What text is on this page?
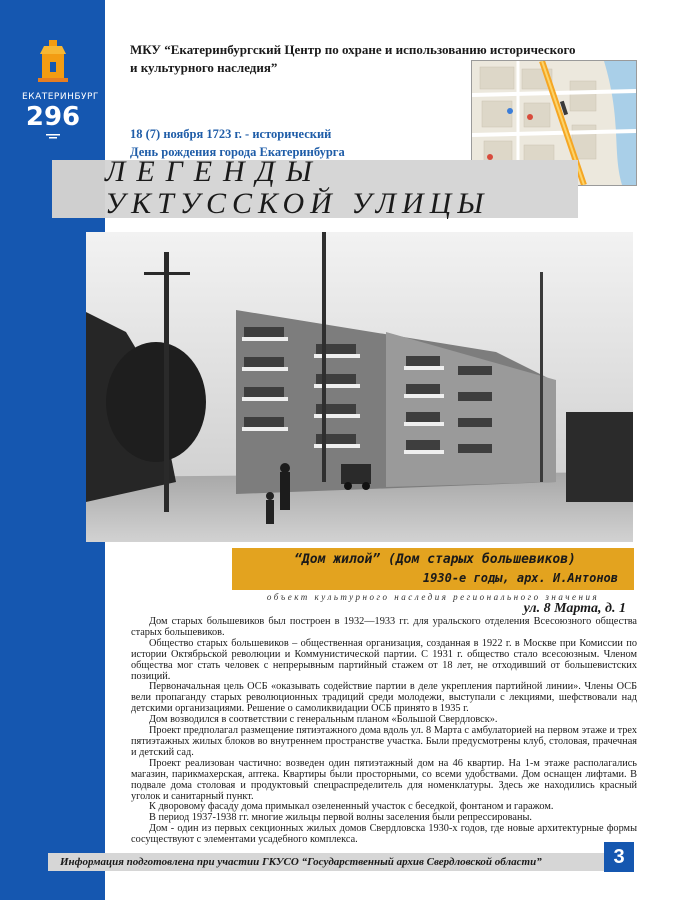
ЕКАТЕРИНБУРГ
296
МКУ “Екатеринбургский Центр по охране и использованию исторического
и культурного наследия”
18 (7) ноября 1723 г. - исторический
День рождения города Екатеринбурга
ЛЕГЕНДЫ
УКТУССКОЙ УЛИЦЫ
“Дом жилой” (Дом старых большевиков)
1930-е годы, арх. И.Антонов
объект культурного наследия регионального значения
ул. 8 Марта, д. 1

Дом старых большевиков был построен в 1932—1933 гг. для уральского отделения Всесоюзного общества старых большевиков.

Общество старых большевиков – общественная организация, созданная в 1922 г. в Москве при Комиссии по истории Октябрьской революции и Коммунистической партии. С 1931 г. общество стало всесоюзным. Членом общества мог стать человек с непрерывным партийный стажем от 18 лет, не отходивший от большевистских позиций.

Первоначальная цель ОСБ «оказывать содействие партии в деле укрепления партийной линии». Члены ОСБ вели пропаганду старых революционных традиций среди молодежи, выступали с лекциями, шефствовали над детскими организациями. Решение о самоликвидации ОСБ принято в 1935 г.

Дом возводился в соответствии с генеральным планом «Большой Свердловск».

Проект предполагал размещение пятиэтажного дома вдоль ул. 8 Марта с амбулаторией на первом этаже и трех пятиэтажных жилых блоков во внутреннем пространстве участка. Были предусмотрены клуб, столовая, прачечная и детский сад.

Проект реализован частично: возведен один пятиэтажный дом на 46 квартир. На 1-м этаже располагались магазин, парикмахерская, аптека. Квартиры были просторными, со всеми удобствами. Дом оснащен лифтами. В подвале дома столовая и продуктовый спецраспределитель для номенклатуры. Здесь же находились красный уголок и санитарный пункт.

К дворовому фасаду дома примыкал озелененный участок с беседкой, фонтаном и гаражом.

В период 1937-1938 гг. многие жильцы первой волны заселения были репрессированы.

Дом - один из первых секционных жилых домов Свердловска 1930-х годов, где новые архитектурные формы сосуществуют с элементами усадебного комплекса.

Информация подготовлена при участии ГКУСО “Государственный архив Свердловской области”	3
